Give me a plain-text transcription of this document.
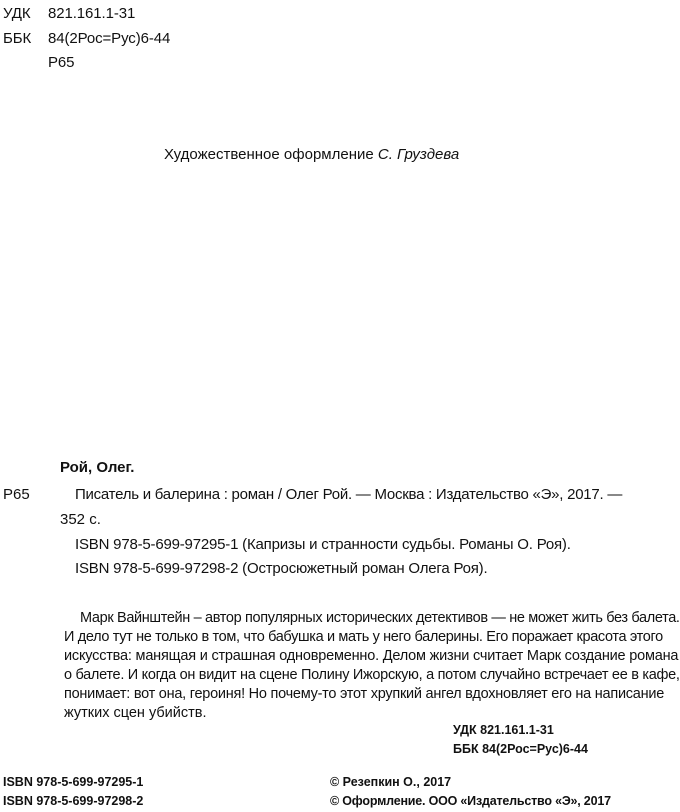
УДК 821.161.1-31
ББК 84(2Рос=Рус)6-44
Р65
Художественное оформление С. Груздева
Рой, Олег.
Р65	Писатель и балерина : роман / Олег Рой. — Москва : Издательство «Э», 2017. —
352 с.
ISBN 978-5-699-97295-1 (Капризы и странности судьбы. Романы О. Роя).
ISBN 978-5-699-97298-2 (Остросюжетный роман Олега Роя).
Марк Вайнштейн – автор популярных исторических детективов — не может жить без балета.
И дело тут не только в том, что бабушка и мать у него балерины. Его поражает красота этого
искусства: манящая и страшная одновременно. Делом жизни считает Марк создание романа
о балете. И когда он видит на сцене Полину Ижорскую, а потом случайно встречает ее в кафе,
понимает: вот она, героиня! Но почему-то этот хрупкий ангел вдохновляет его на написание
жутких сцен убийств.
УДК 821.161.1-31
ББК 84(2Рос=Рус)6-44
ISBN 978-5-699-97295-1
ISBN 978-5-699-97298-2
© Резепкин О., 2017
© Оформление. ООО «Издательство «Э», 2017
